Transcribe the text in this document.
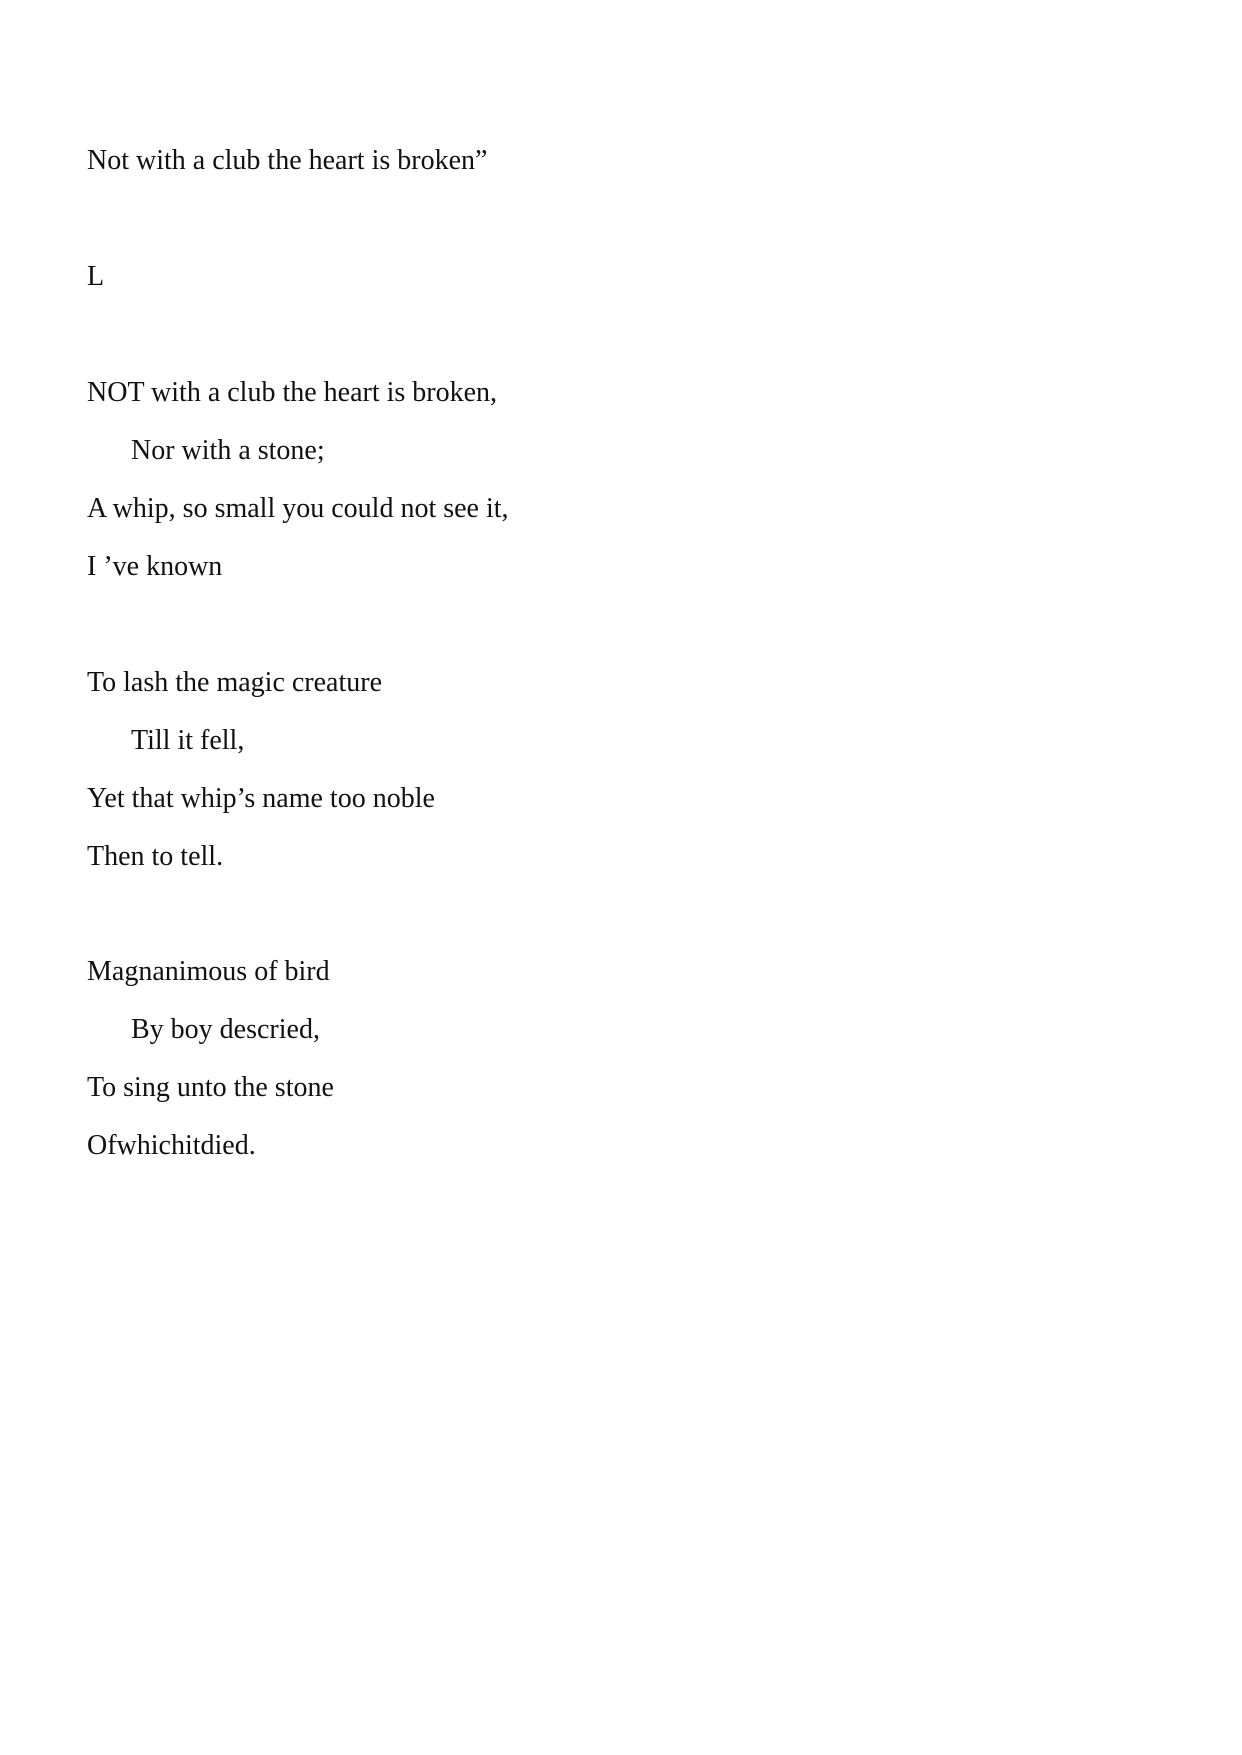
Not with a club the heart is broken”
L
NOT with a club the heart is broken,
Nor with a stone;
A whip, so small you could not see it,
I ’ve known
To lash the magic creature
Till it fell,
Yet that whip’s name too noble
Then to tell.
Magnanimous of bird
By boy descried,
To sing unto the stone
Ofwhichitdied.
